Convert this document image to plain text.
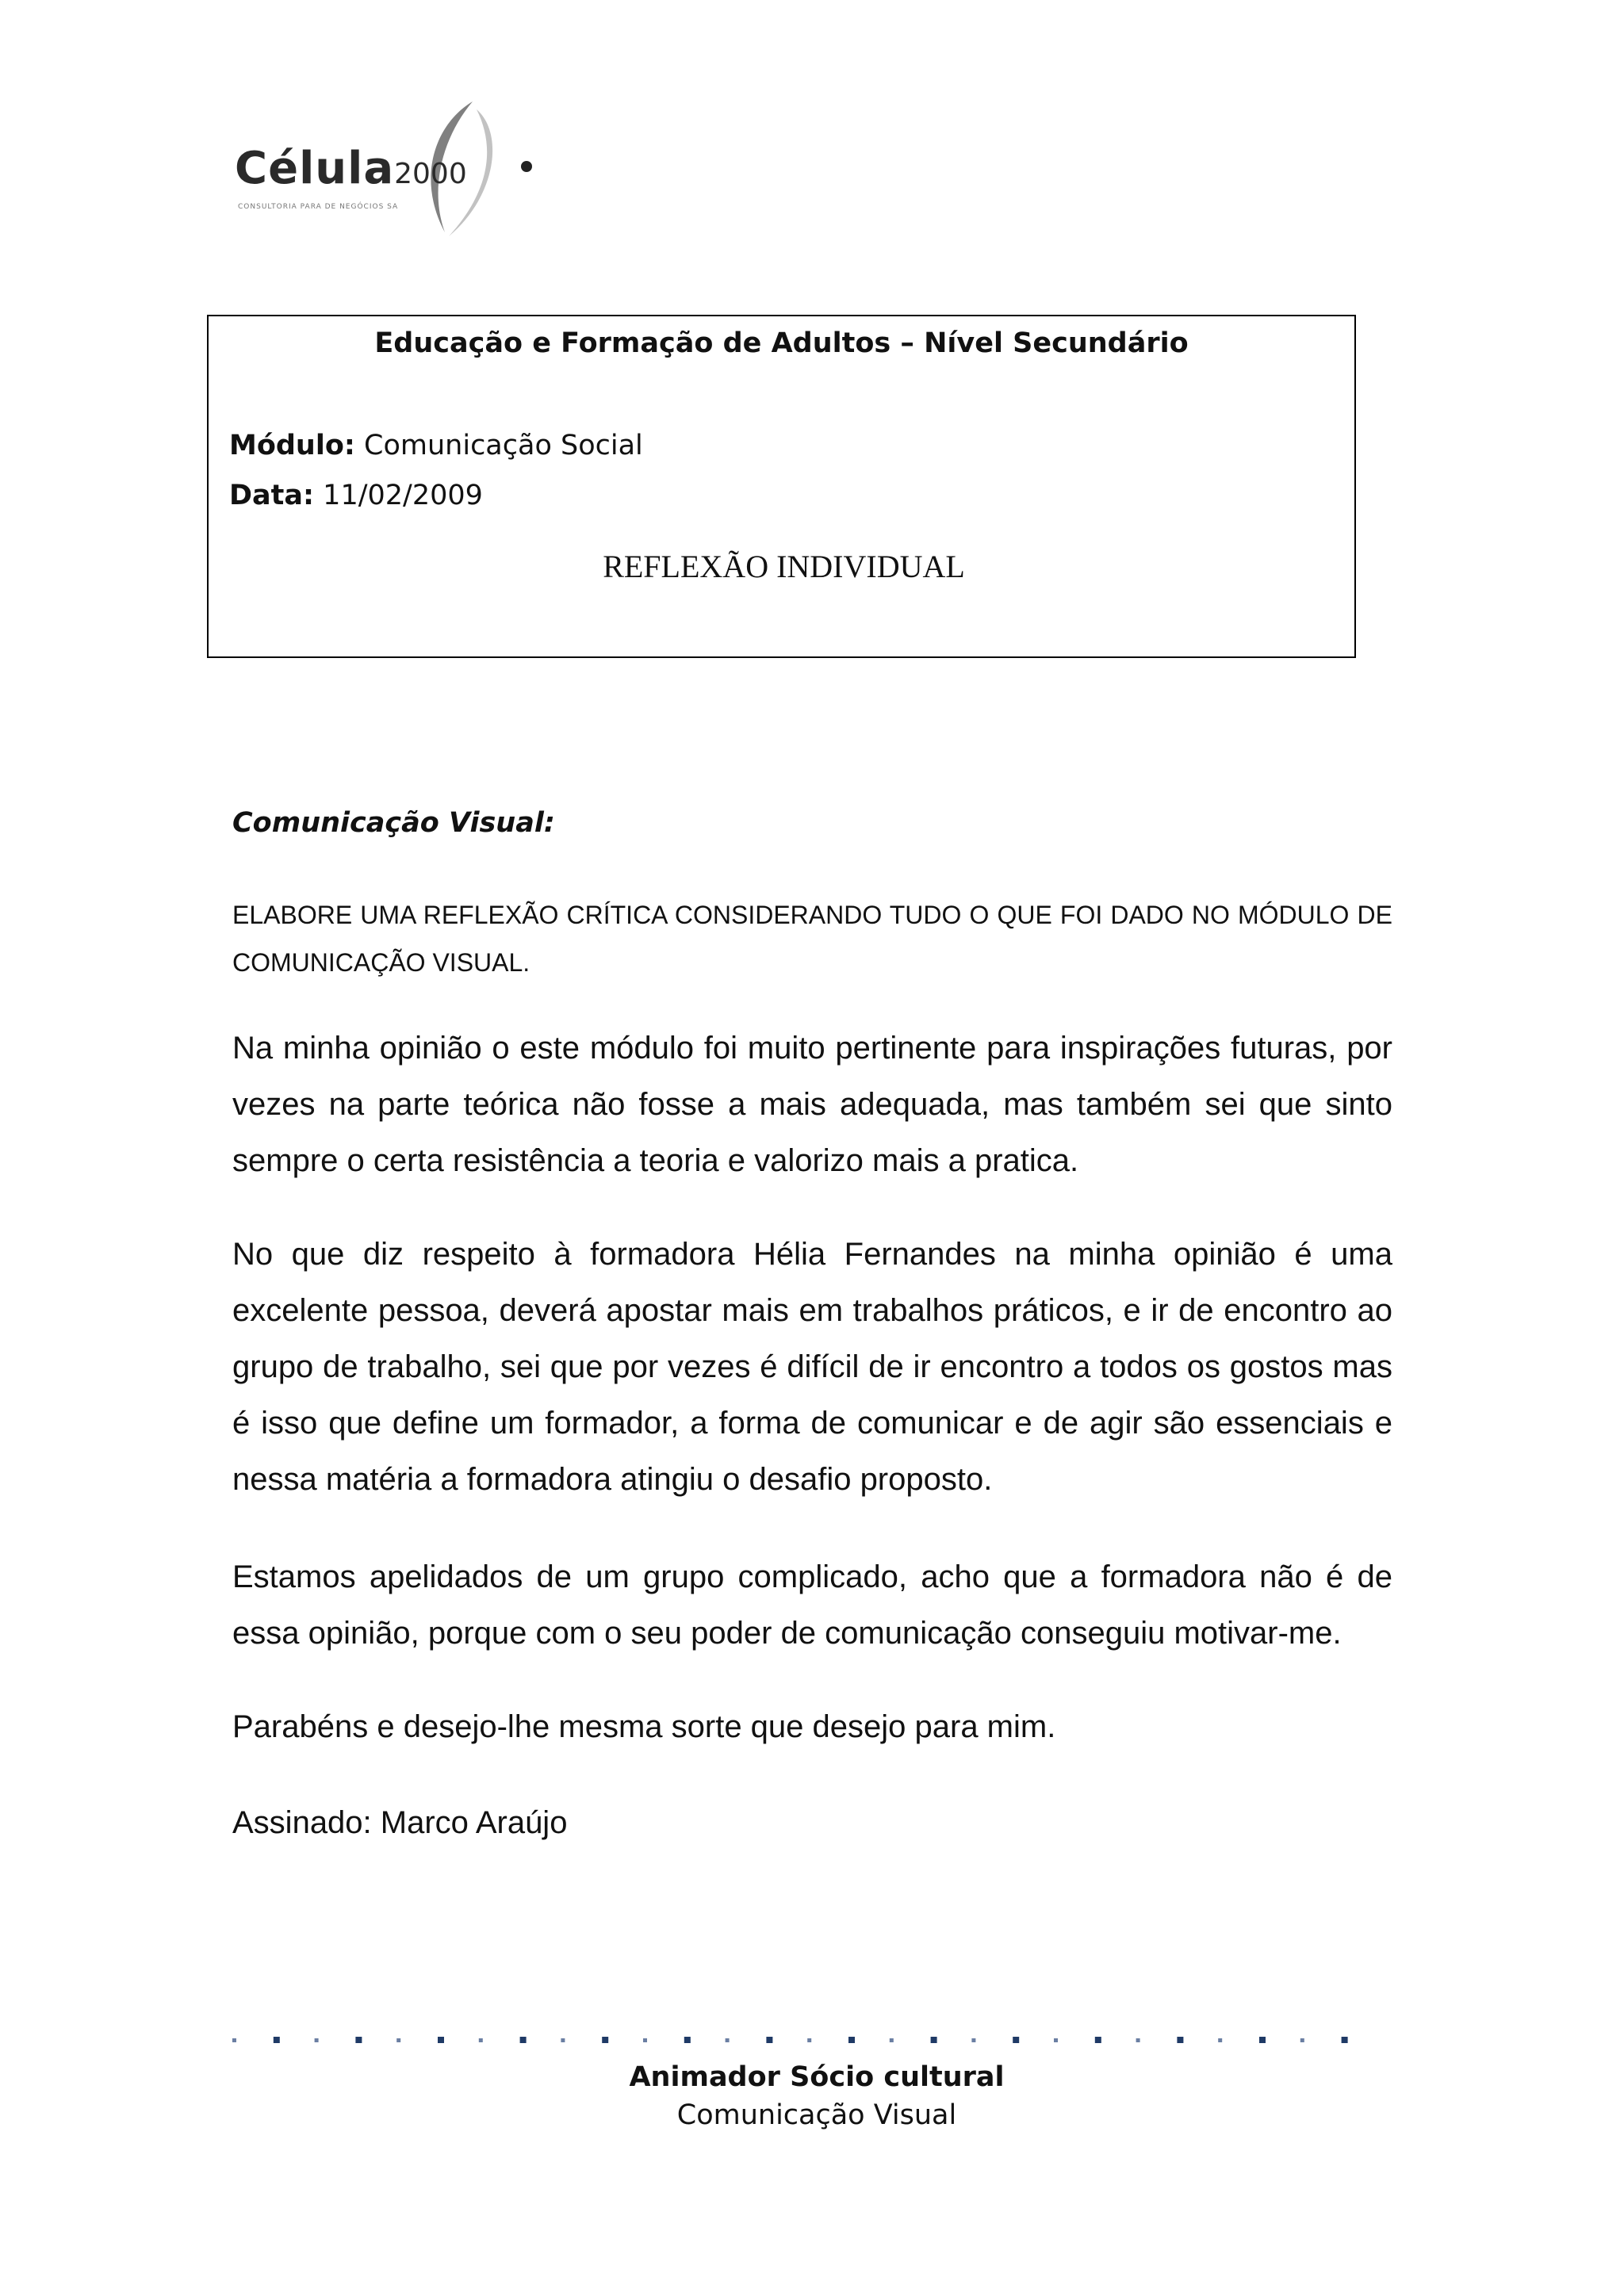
Célula2000
CONSULTORIA PARA DE NEGÓCIOS SA
Educação e Formação de Adultos – Nível Secundário
Módulo: Comunicação Social
Data: 11/02/2009
REFLEXÃO INDIVIDUAL
Comunicação Visual:
ELABORE UMA REFLEXÃO CRÍTICA CONSIDERANDO TUDO O QUE FOI DADO NO MÓDULO DE COMUNICAÇÃO VISUAL.

Na minha opinião o este módulo foi muito pertinente para inspirações futuras, por vezes na parte teórica não fosse a mais adequada, mas também sei que sinto sempre o certa resistência a teoria e valorizo mais a pratica.

No que diz respeito à formadora Hélia Fernandes na minha opinião é uma excelente pessoa, deverá apostar mais em trabalhos práticos, e ir de encontro ao grupo de trabalho, sei que por vezes é difícil de ir encontro a todos os gostos mas é isso que define um formador, a forma de comunicar e de agir são essenciais e nessa matéria a formadora atingiu o desafio proposto.

Estamos apelidados de um grupo complicado, acho que a formadora não é de essa opinião, porque com o seu poder de comunicação conseguiu motivar-me.

Parabéns e desejo-lhe mesma sorte que desejo para mim.

Assinado: Marco Araújo

Animador Sócio cultural
Comunicação Visual
